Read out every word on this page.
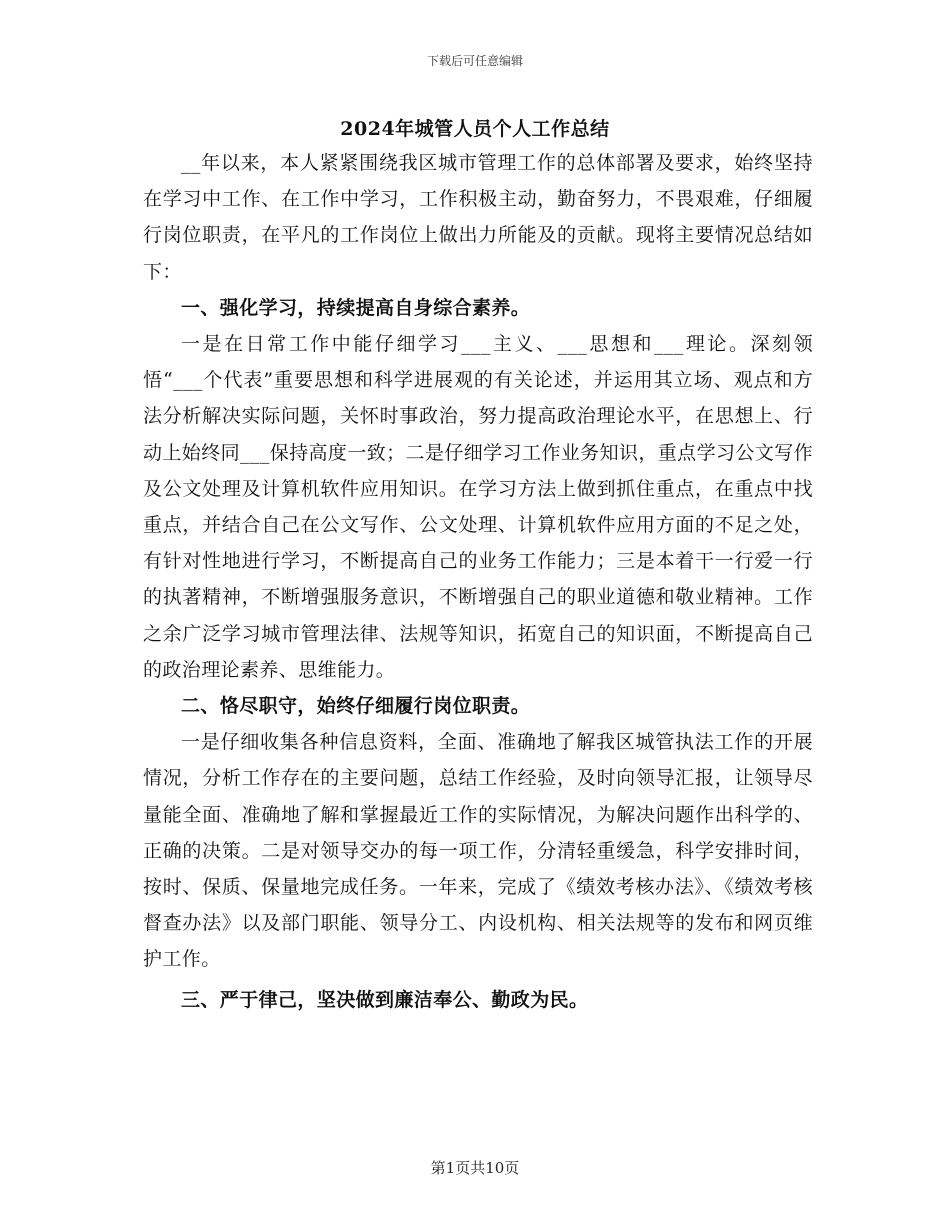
下载后可任意编辑
2024年城管人员个人工作总结

__年以来，本人紧紧围绕我区城市管理工作的总体部署及要求，始终坚持在学习中工作、在工作中学习，工作积极主动，勤奋努力，不畏艰难，仔细履行岗位职责，在平凡的工作岗位上做出力所能及的贡献。现将主要情况总结如下：

一、强化学习，持续提高自身综合素养。

一是在日常工作中能仔细学习___主义、___思想和___理论。深刻领悟“___个代表”重要思想和科学进展观的有关论述，并运用其立场、观点和方法分析解决实际问题，关怀时事政治，努力提高政治理论水平，在思想上、行动上始终同___保持高度一致；二是仔细学习工作业务知识，重点学习公文写作及公文处理及计算机软件应用知识。在学习方法上做到抓住重点，在重点中找重点，并结合自己在公文写作、公文处理、计算机软件应用方面的不足之处，有针对性地进行学习，不断提高自己的业务工作能力；三是本着干一行爱一行的执著精神，不断增强服务意识，不断增强自己的职业道德和敬业精神。工作之余广泛学习城市管理法律、法规等知识，拓宽自己的知识面，不断提高自己的政治理论素养、思维能力。

二、恪尽职守，始终仔细履行岗位职责。

一是仔细收集各种信息资料，全面、准确地了解我区城管执法工作的开展情况，分析工作存在的主要问题，总结工作经验，及时向领导汇报，让领导尽量能全面、准确地了解和掌握最近工作的实际情况，为解决问题作出科学的、正确的决策。二是对领导交办的每一项工作，分清轻重缓急，科学安排时间，按时、保质、保量地完成任务。一年来，完成了《绩效考核办法》、《绩效考核督查办法》以及部门职能、领导分工、内设机构、相关法规等的发布和网页维护工作。

三、严于律己，坚决做到廉洁奉公、勤政为民。

第1页共10页
